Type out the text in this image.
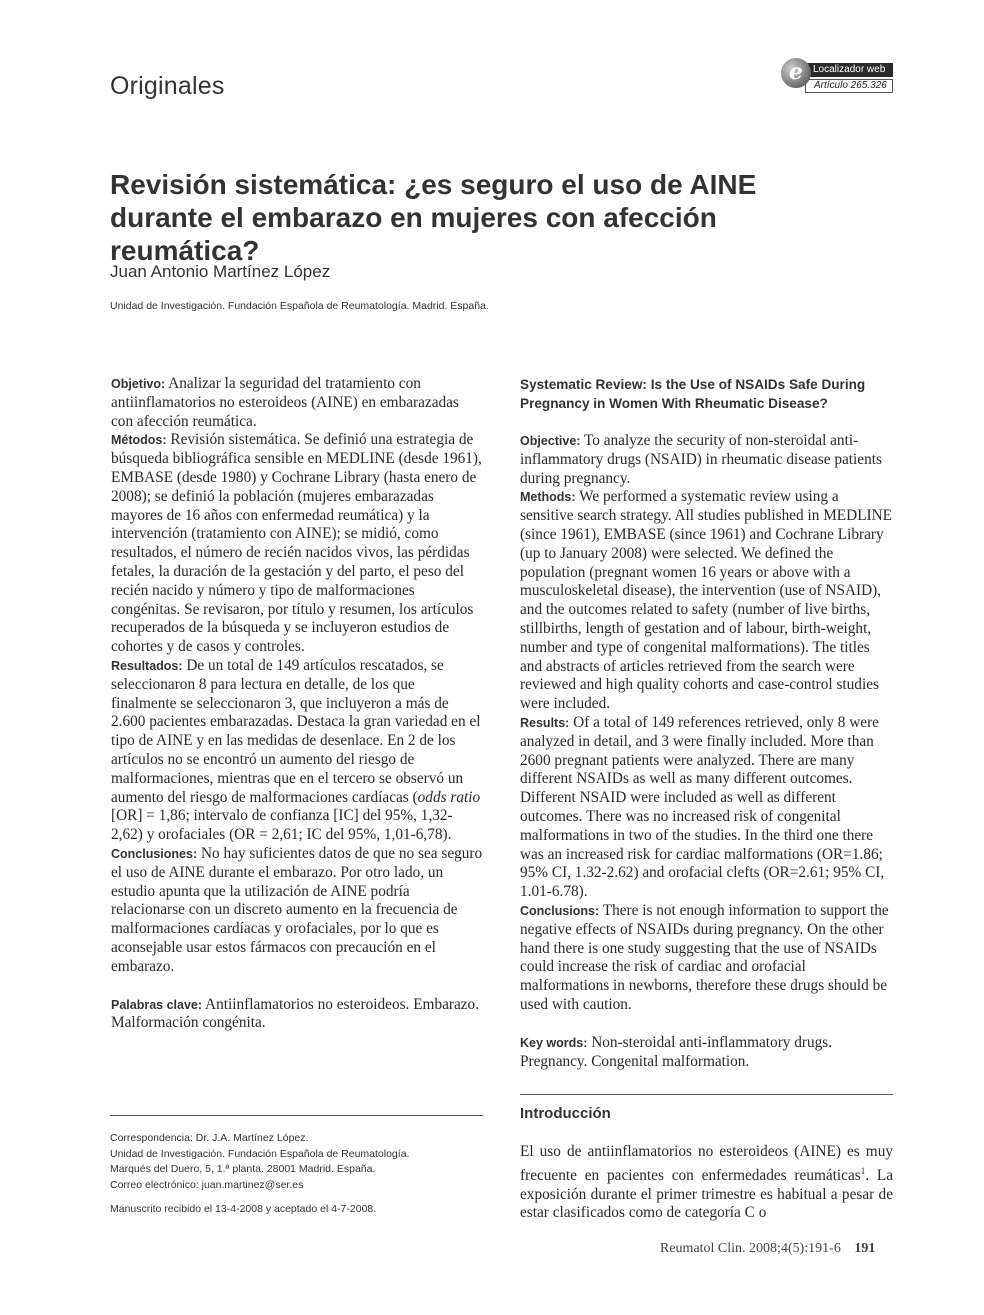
Originales	e	Localizador web
Artículo 265.326
Revisión sistemática: ¿es seguro el uso de AINE durante el embarazo en mujeres con afección reumática?
Juan Antonio Martínez López
Unidad de Investigación. Fundación Española de Reumatología. Madrid. España.

Objetivo: Analizar la seguridad del tratamiento con antiinflamatorios no esteroideos (AINE) en embarazadas con afección reumática.

Métodos: Revisión sistemática. Se definió una estrategia de búsqueda bibliográfica sensible en MEDLINE (desde 1961), EMBASE (desde 1980) y Cochrane Library (hasta enero de 2008); se definió la población (mujeres embarazadas mayores de 16 años con enfermedad reumática) y la intervención (tratamiento con AINE); se midió, como resultados, el número de recién nacidos vivos, las pérdidas fetales, la duración de la gestación y del parto, el peso del recién nacido y número y tipo de malformaciones congénitas. Se revisaron, por título y resumen, los artículos recuperados de la búsqueda y se incluyeron estudios de cohortes y de casos y controles.

Resultados: De un total de 149 artículos rescatados, se seleccionaron 8 para lectura en detalle, de los que finalmente se seleccionaron 3, que incluyeron a más de 2.600 pacientes embarazadas. Destaca la gran variedad en el tipo de AINE y en las medidas de desenlace. En 2 de los artículos no se encontró un aumento del riesgo de malformaciones, mientras que en el tercero se observó un aumento del riesgo de malformaciones cardíacas (odds ratio [OR] = 1,86; intervalo de confianza [IC] del 95%, 1,32-2,62) y orofaciales (OR = 2,61; IC del 95%, 1,01-6,78).

Conclusiones: No hay suficientes datos de que no sea seguro el uso de AINE durante el embarazo. Por otro lado, un estudio apunta que la utilización de AINE podría relacionarse con un discreto aumento en la frecuencia de malformaciones cardíacas y orofaciales, por lo que es aconsejable usar estos fármacos con precaución en el embarazo.

Palabras clave: Antiinflamatorios no esteroideos. Embarazo. Malformación congénita.

Systematic Review: Is the Use of NSAIDs Safe During Pregnancy in Women With Rheumatic Disease?

Objective: To analyze the security of non-steroidal anti-inflammatory drugs (NSAID) in rheumatic disease patients during pregnancy.

Methods: We performed a systematic review using a sensitive search strategy. All studies published in MEDLINE (since 1961), EMBASE (since 1961) and Cochrane Library (up to January 2008) were selected. We defined the population (pregnant women 16 years or above with a musculoskeletal disease), the intervention (use of NSAID), and the outcomes related to safety (number of live births, stillbirths, length of gestation and of labour, birth-weight, number and type of congenital malformations). The titles and abstracts of articles retrieved from the search were reviewed and high quality cohorts and case-control studies were included.

Results: Of a total of 149 references retrieved, only 8 were analyzed in detail, and 3 were finally included. More than 2600 pregnant patients were analyzed. There are many different NSAIDs as well as many different outcomes. Different NSAID were included as well as different outcomes. There was no increased risk of congenital malformations in two of the studies. In the third one there was an increased risk for cardiac malformations (OR=1.86; 95% CI, 1.32-2.62) and orofacial clefts (OR=2.61; 95% CI, 1.01-6.78).

Conclusions: There is not enough information to support the negative effects of NSAIDs during pregnancy. On the other hand there is one study suggesting that the use of NSAIDs could increase the risk of cardiac and orofacial malformations in newborns, therefore these drugs should be used with caution.

Key words: Non-steroidal anti-inflammatory drugs. Pregnancy. Congenital malformation.

Correspondencia: Dr. J.A. Martínez López.
Unidad de Investigación. Fundación Española de Reumatología.
Marqués del Duero, 5, 1.ª planta. 28001 Madrid. España.
Correo electrónico: juan.martinez@ser.es
Manuscrito recibido el 13-4-2008 y aceptado el 4-7-2008.
Introducción
El uso de antiinflamatorios no esteroideos (AINE) es muy frecuente en pacientes con enfermedades reumáticas$^1$. La exposición durante el primer trimestre es habitual a pesar de estar clasificados como de categoría C o
Reumatol Clin. 2008;4(5):191-6 191
